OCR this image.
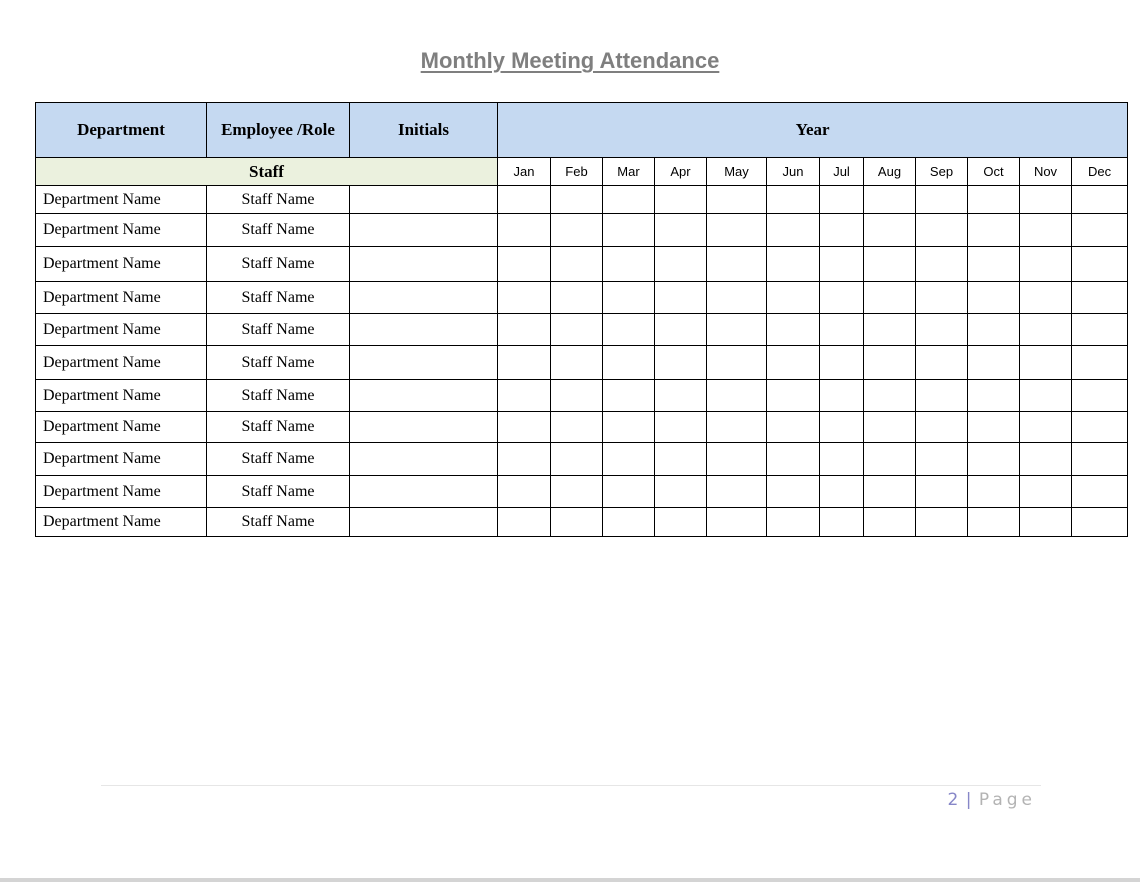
Monthly Meeting Attendance
Department	Employee /Role	Initials	Year											
Staff			Jan	Feb	Mar	Apr	May	Jun	Jul	Aug	Sep	Oct	Nov	Dec
Department Name	Staff Name													
Department Name	Staff Name													
Department Name	Staff Name													
Department Name	Staff Name													
Department Name	Staff Name													
Department Name	Staff Name													
Department Name	Staff Name													
Department Name	Staff Name													
Department Name	Staff Name													
Department Name	Staff Name													
Department Name	Staff Name													
2 | Page
